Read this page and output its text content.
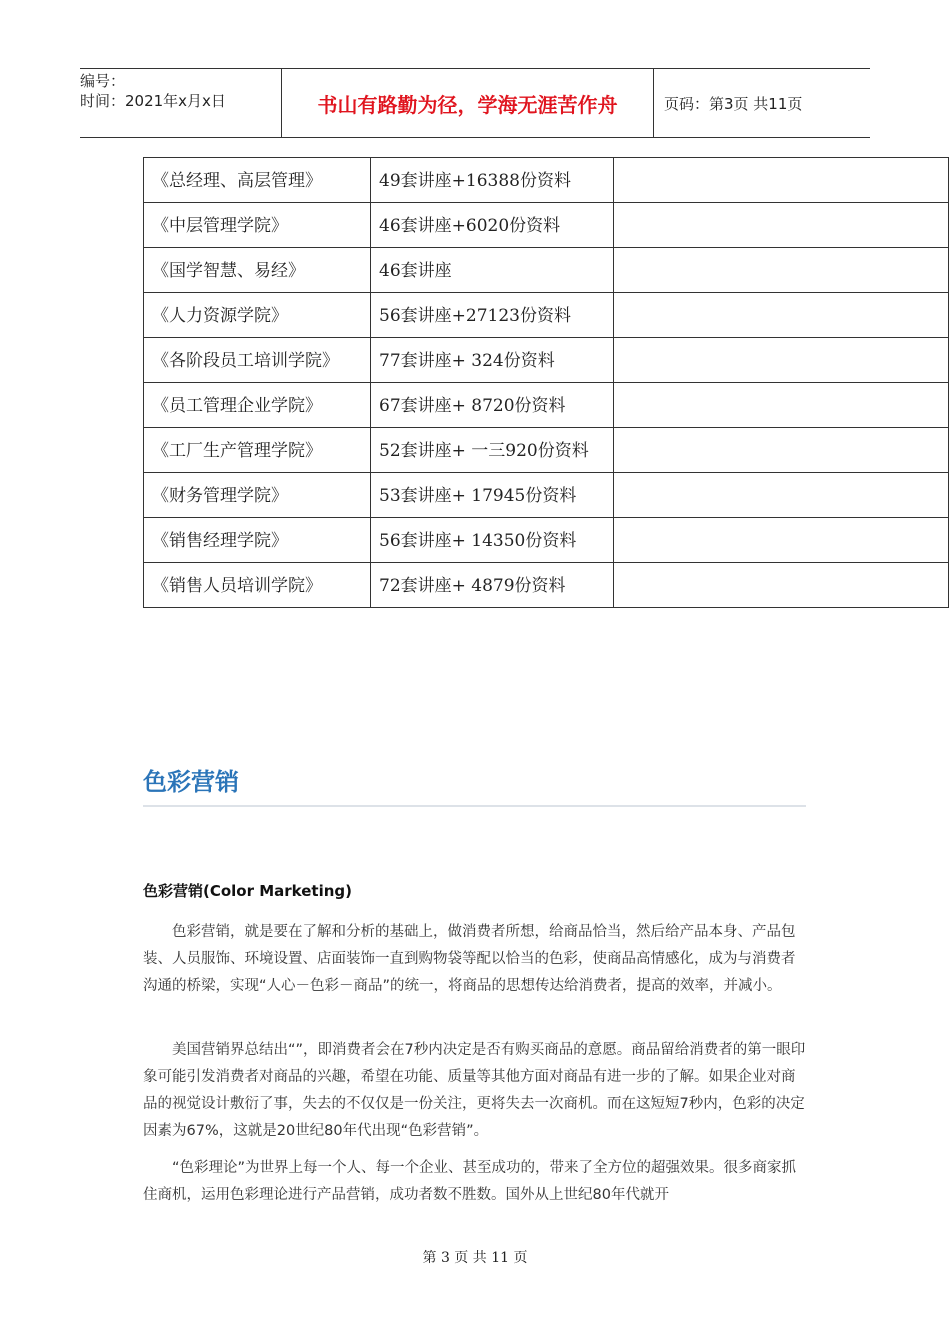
编号：
时间：2021年x月x日	书山有路勤为径，学海无涯苦作舟	页码：第3页 共11页
《总经理、高层管理》	49套讲座+16388份资料	
《中层管理学院》	46套讲座+6020份资料	
《国学智慧、易经》	46套讲座	
《人力资源学院》	56套讲座+27123份资料	
《各阶段员工培训学院》	77套讲座+ 324份资料	
《员工管理企业学院》	67套讲座+ 8720份资料	
《工厂生产管理学院》	52套讲座+ 一三920份资料	
《财务管理学院》	53套讲座+ 17945份资料	
《销售经理学院》	56套讲座+ 14350份资料	
《销售人员培训学院》	72套讲座+ 4879份资料	
色彩营销
色彩营销(Color Marketing)

色彩营销，就是要在了解和分析的基础上，做消费者所想，给商品恰当，然后给产品本身、产品包装、人员服饰、环境设置、店面装饰一直到购物袋等配以恰当的色彩，使商品高情感化，成为与消费者沟通的桥梁，实现“人心－色彩－商品”的统一，将商品的思想传达给消费者，提高的效率，并减小。

美国营销界总结出“”，即消费者会在7秒内决定是否有购买商品的意愿。商品留给消费者的第一眼印象可能引发消费者对商品的兴趣，希望在功能、质量等其他方面对商品有进一步的了解。如果企业对商品的视觉设计敷衍了事，失去的不仅仅是一份关注，更将失去一次商机。而在这短短7秒内，色彩的决定因素为67%，这就是20世纪80年代出现“色彩营销”。

“色彩理论”为世界上每一个人、每一个企业、甚至成功的，带来了全方位的超强效果。很多商家抓住商机，运用色彩理论进行产品营销，成功者数不胜数。国外从上世纪80年代就开

第 3 页 共 11 页
